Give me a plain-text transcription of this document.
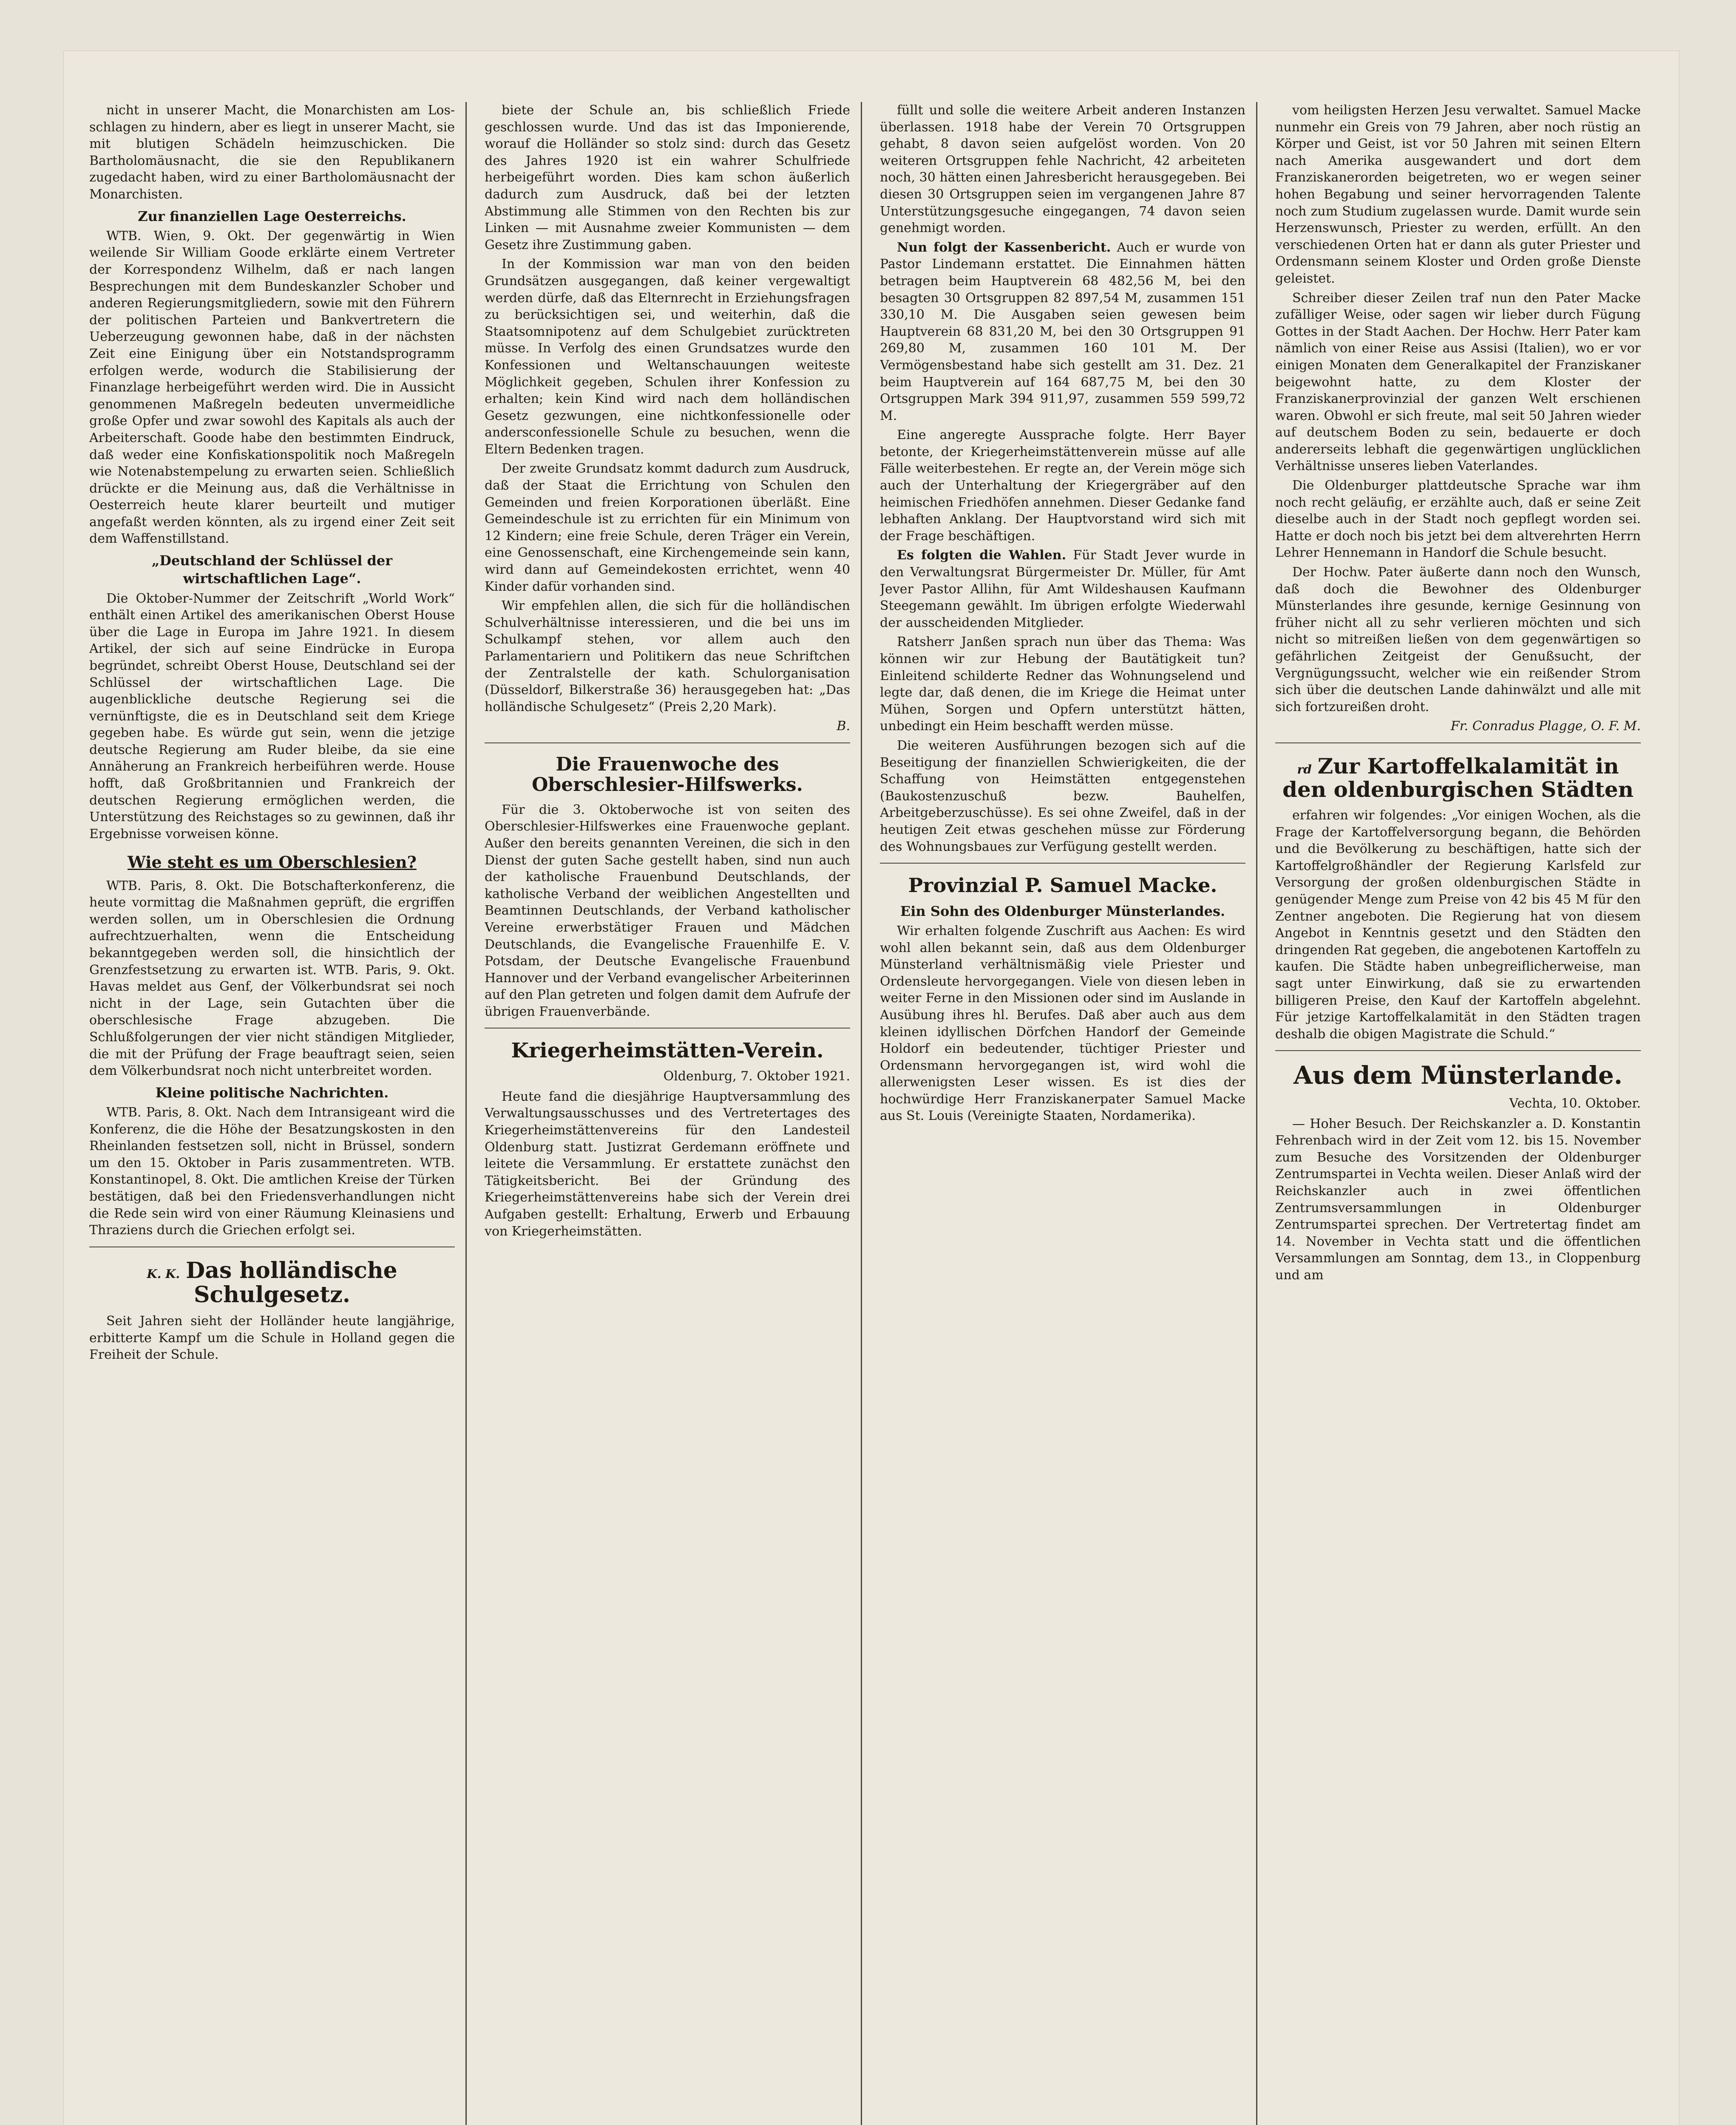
nicht in unserer Macht, die Monarchisten am Los-schlagen zu hindern, aber es liegt in unserer Macht, sie mit blutigen Schädeln heimzuschicken. Die Bartholomäusnacht, die sie den Republikanern zugedacht haben, wird zu einer Bartholomäusnacht der Monarchisten.

Zur finanziellen Lage Oesterreichs.

WTB. Wien, 9. Okt. Der gegenwärtig in Wien weilende Sir William Goode erklärte einem Vertreter der Korrespondenz Wilhelm, daß er nach langen Besprechungen mit dem Bundeskanzler Schober und anderen Regierungsmitgliedern, sowie mit den Führern der politischen Parteien und Bankvertretern die Ueberzeugung gewonnen habe, daß in der nächsten Zeit eine Einigung über ein Notstandsprogramm erfolgen werde, wodurch die Stabilisierung der Finanzlage herbeigeführt werden wird. Die in Aussicht genommenen Maßregeln bedeuten unvermeidliche große Opfer und zwar sowohl des Kapitals als auch der Arbeiterschaft. Goode habe den bestimmten Eindruck, daß weder eine Konfiskationspolitik noch Maßregeln wie Notenabstempelung zu erwarten seien. Schließlich drückte er die Meinung aus, daß die Verhältnisse in Oesterreich heute klarer beurteilt und mutiger angefaßt werden könnten, als zu irgend einer Zeit seit dem Waffenstillstand.

„Deutschland der Schlüssel der wirtschaftlichen Lage“.

Die Oktober-Nummer der Zeitschrift „World Work“ enthält einen Artikel des amerikanischen Oberst House über die Lage in Europa im Jahre 1921. In diesem Artikel, der sich auf seine Eindrücke in Europa begründet, schreibt Oberst House, Deutschland sei der Schlüssel der wirtschaftlichen Lage. Die augenblickliche deutsche Regierung sei die vernünftigste, die es in Deutschland seit dem Kriege gegeben habe. Es würde gut sein, wenn die jetzige deutsche Regierung am Ruder bleibe, da sie eine Annäherung an Frankreich herbeiführen werde. House hofft, daß Großbritannien und Frankreich der deutschen Regierung ermöglichen werden, die Unterstützung des Reichstages so zu gewinnen, daß ihr Ergebnisse vorweisen könne.

Wie steht es um Oberschlesien?

WTB. Paris, 8. Okt. Die Botschafterkonferenz, die heute vormittag die Maßnahmen geprüft, die ergriffen werden sollen, um in Oberschlesien die Ordnung aufrechtzuerhalten, wenn die Entscheidung bekanntgegeben werden soll, die hinsichtlich der Grenzfestsetzung zu erwarten ist. WTB. Paris, 9. Okt. Havas meldet aus Genf, der Völkerbundsrat sei noch nicht in der Lage, sein Gutachten über die oberschlesische Frage abzugeben. Die Schlußfolgerungen der vier nicht ständigen Mitglieder, die mit der Prüfung der Frage beauftragt seien, seien dem Völkerbundsrat noch nicht unterbreitet worden.

Kleine politische Nachrichten.

WTB. Paris, 8. Okt. Nach dem Intransigeant wird die Konferenz, die die Höhe der Besatzungskosten in den Rheinlanden festsetzen soll, nicht in Brüssel, sondern um den 15. Oktober in Paris zusammentreten. WTB. Konstantinopel, 8. Okt. Die amtlichen Kreise der Türken bestätigen, daß bei den Friedensverhandlungen nicht die Rede sein wird von einer Räumung Kleinasiens und Thraziens durch die Griechen erfolgt sei.

K. K. Das holländische Schulgesetz.

Seit Jahren sieht der Holländer heute langjährige, erbitterte Kampf um die Schule in Holland gegen die Freiheit der Schule.

biete der Schule an, bis schließlich Friede geschlossen wurde. Und das ist das Imponierende, worauf die Holländer so stolz sind: durch das Gesetz des Jahres 1920 ist ein wahrer Schulfriede herbeigeführt worden. Dies kam schon äußerlich dadurch zum Ausdruck, daß bei der letzten Abstimmung alle Stimmen von den Rechten bis zur Linken — mit Ausnahme zweier Kommunisten — dem Gesetz ihre Zustimmung gaben.

In der Kommission war man von den beiden Grundsätzen ausgegangen, daß keiner vergewaltigt werden dürfe, daß das Elternrecht in Erziehungsfragen zu berücksichtigen sei, und weiterhin, daß die Staatsomnipotenz auf dem Schulgebiet zurücktreten müsse. In Verfolg des einen Grundsatzes wurde den Konfessionen und Weltanschauungen weiteste Möglichkeit gegeben, Schulen ihrer Konfession zu erhalten; kein Kind wird nach dem holländischen Gesetz gezwungen, eine nichtkonfessionelle oder andersconfessionelle Schule zu besuchen, wenn die Eltern Bedenken tragen.

Der zweite Grundsatz kommt dadurch zum Ausdruck, daß der Staat die Errichtung von Schulen den Gemeinden und freien Korporationen überläßt. Eine Gemeindeschule ist zu errichten für ein Minimum von 12 Kindern; eine freie Schule, deren Träger ein Verein, eine Genossenschaft, eine Kirchengemeinde sein kann, wird dann auf Gemeindekosten errichtet, wenn 40 Kinder dafür vorhanden sind.

Wir empfehlen allen, die sich für die holländischen Schulverhältnisse interessieren, und die bei uns im Schulkampf stehen, vor allem auch den Parlamentariern und Politikern das neue Schriftchen der Zentralstelle der kath. Schulorganisation (Düsseldorf, Bilkerstraße 36) herausgegeben hat: „Das holländische Schulgesetz“ (Preis 2,20 Mark).

B.
Die Frauenwoche des Oberschlesier-Hilfswerks.

Für die 3. Oktoberwoche ist von seiten des Oberschlesier-Hilfswerkes eine Frauenwoche geplant. Außer den bereits genannten Vereinen, die sich in den Dienst der guten Sache gestellt haben, sind nun auch der katholische Frauenbund Deutschlands, der katholische Verband der weiblichen Angestellten und Beamtinnen Deutschlands, der Verband katholischer Vereine erwerbstätiger Frauen und Mädchen Deutschlands, die Evangelische Frauenhilfe E. V. Potsdam, der Deutsche Evangelische Frauenbund Hannover und der Verband evangelischer Arbeiterinnen auf den Plan getreten und folgen damit dem Aufrufe der übrigen Frauenverbände.

Kriegerheimstätten-Verein.
Oldenburg, 7. Oktober 1921.

Heute fand die diesjährige Hauptversammlung des Verwaltungsausschusses und des Vertretertages des Kriegerheimstättenvereins für den Landesteil Oldenburg statt. Justizrat Gerdemann eröffnete und leitete die Versammlung. Er erstattete zunächst den Tätigkeitsbericht. Bei der Gründung des Kriegerheimstättenvereins habe sich der Verein drei Aufgaben gestellt: Erhaltung, Erwerb und Erbauung von Kriegerheimstätten.

füllt und solle die weitere Arbeit anderen Instanzen überlassen. 1918 habe der Verein 70 Ortsgruppen gehabt, 8 davon seien aufgelöst worden. Von 20 weiteren Ortsgruppen fehle Nachricht, 42 arbeiteten noch, 30 hätten einen Jahresbericht herausgegeben. Bei diesen 30 Ortsgruppen seien im vergangenen Jahre 87 Unterstützungsgesuche eingegangen, 74 davon seien genehmigt worden.

Nun folgt der Kassenbericht. Auch er wurde von Pastor Lindemann erstattet. Die Einnahmen hätten betragen beim Hauptverein 68 482,56 M, bei den besagten 30 Ortsgruppen 82 897,54 M, zusammen 151 330,10 M. Die Ausgaben seien gewesen beim Hauptverein 68 831,20 M, bei den 30 Ortsgruppen 91 269,80 M, zusammen 160 101 M. Der Vermögensbestand habe sich gestellt am 31. Dez. 21 beim Hauptverein auf 164 687,75 M, bei den 30 Ortsgruppen Mark 394 911,97, zusammen 559 599,72 M.

Eine angeregte Aussprache folgte. Herr Bayer betonte, der Kriegerheimstättenverein müsse auf alle Fälle weiterbestehen. Er regte an, der Verein möge sich auch der Unterhaltung der Kriegergräber auf den heimischen Friedhöfen annehmen. Dieser Gedanke fand lebhaften Anklang. Der Hauptvorstand wird sich mit der Frage beschäftigen.

Es folgten die Wahlen. Für Stadt Jever wurde in den Verwaltungsrat Bürgermeister Dr. Müller, für Amt Jever Pastor Allihn, für Amt Wildeshausen Kaufmann Steegemann gewählt. Im übrigen erfolgte Wiederwahl der ausscheidenden Mitglieder.

Ratsherr Janßen sprach nun über das Thema: Was können wir zur Hebung der Bautätigkeit tun? Einleitend schilderte Redner das Wohnungselend und legte dar, daß denen, die im Kriege die Heimat unter Mühen, Sorgen und Opfern unterstützt hätten, unbedingt ein Heim beschafft werden müsse.

Die weiteren Ausführungen bezogen sich auf die Beseitigung der finanziellen Schwierigkeiten, die der Schaffung von Heimstätten entgegenstehen (Baukostenzuschuß bezw. Bauhelfen, Arbeitgeberzuschüsse). Es sei ohne Zweifel, daß in der heutigen Zeit etwas geschehen müsse zur Förderung des Wohnungsbaues zur Verfügung gestellt werden.

Provinzial P. Samuel Macke.
Ein Sohn des Oldenburger Münsterlandes.

Wir erhalten folgende Zuschrift aus Aachen: Es wird wohl allen bekannt sein, daß aus dem Oldenburger Münsterland verhältnismäßig viele Priester und Ordensleute hervorgegangen. Viele von diesen leben in weiter Ferne in den Missionen oder sind im Auslande in Ausübung ihres hl. Berufes. Daß aber auch aus dem kleinen idyllischen Dörfchen Handorf der Gemeinde Holdorf ein bedeutender, tüchtiger Priester und Ordensmann hervorgegangen ist, wird wohl die allerwenigsten Leser wissen. Es ist dies der hochwürdige Herr Franziskanerpater Samuel Macke aus St. Louis (Vereinigte Staaten, Nordamerika).

vom heiligsten Herzen Jesu verwaltet. Samuel Macke nunmehr ein Greis von 79 Jahren, aber noch rüstig an Körper und Geist, ist vor 50 Jahren mit seinen Eltern nach Amerika ausgewandert und dort dem Franziskanerorden beigetreten, wo er wegen seiner hohen Begabung und seiner hervorragenden Talente noch zum Studium zugelassen wurde. Damit wurde sein Herzenswunsch, Priester zu werden, erfüllt. An den verschiedenen Orten hat er dann als guter Priester und Ordensmann seinem Kloster und Orden große Dienste geleistet.

Schreiber dieser Zeilen traf nun den Pater Macke zufälliger Weise, oder sagen wir lieber durch Fügung Gottes in der Stadt Aachen. Der Hochw. Herr Pater kam nämlich von einer Reise aus Assisi (Italien), wo er vor einigen Monaten dem Generalkapitel der Franziskaner beigewohnt hatte, zu dem Kloster der Franziskanerprovinzial der ganzen Welt erschienen waren. Obwohl er sich freute, mal seit 50 Jahren wieder auf deutschem Boden zu sein, bedauerte er doch andererseits lebhaft die gegenwärtigen unglücklichen Verhältnisse unseres lieben Vaterlandes.

Die Oldenburger plattdeutsche Sprache war ihm noch recht geläufig, er erzählte auch, daß er seine Zeit dieselbe auch in der Stadt noch gepflegt worden sei. Hatte er doch noch bis jetzt bei dem altverehrten Herrn Lehrer Hennemann in Handorf die Schule besucht.

Der Hochw. Pater äußerte dann noch den Wunsch, daß doch die Bewohner des Oldenburger Münsterlandes ihre gesunde, kernige Gesinnung von früher nicht all zu sehr verlieren möchten und sich nicht so mitreißen ließen von dem gegenwärtigen so gefährlichen Zeitgeist der Genußsucht, der Vergnügungssucht, welcher wie ein reißender Strom sich über die deutschen Lande dahinwälzt und alle mit sich fortzureißen droht.

Fr. Conradus Plagge, O. F. M.
rd Zur Kartoffelkalamität in den oldenburgischen Städten

erfahren wir folgendes: „Vor einigen Wochen, als die Frage der Kartoffelversorgung begann, die Behörden und die Bevölkerung zu beschäftigen, hatte sich der Kartoffelgroßhändler der Regierung Karlsfeld zur Versorgung der großen oldenburgischen Städte in genügender Menge zum Preise von 42 bis 45 M für den Zentner angeboten. Die Regierung hat von diesem Angebot in Kenntnis gesetzt und den Städten den dringenden Rat gegeben, die angebotenen Kartoffeln zu kaufen. Die Städte haben unbegreiflicherweise, man sagt unter Einwirkung, daß sie zu erwartenden billigeren Preise, den Kauf der Kartoffeln abgelehnt. Für jetzige Kartoffelkalamität in den Städten tragen deshalb die obigen Magistrate die Schuld.“

Aus dem Münsterlande.
Vechta, 10. Oktober.

— Hoher Besuch. Der Reichskanzler a. D. Konstantin Fehrenbach wird in der Zeit vom 12. bis 15. November zum Besuche des Vorsitzenden der Oldenburger Zentrumspartei in Vechta weilen. Dieser Anlaß wird der Reichskanzler auch in zwei öffentlichen Zentrumsversammlungen in Oldenburger Zentrumspartei sprechen. Der Vertretertag findet am 14. November in Vechta statt und die öffentlichen Versammlungen am Sonntag, dem 13., in Cloppenburg und am
